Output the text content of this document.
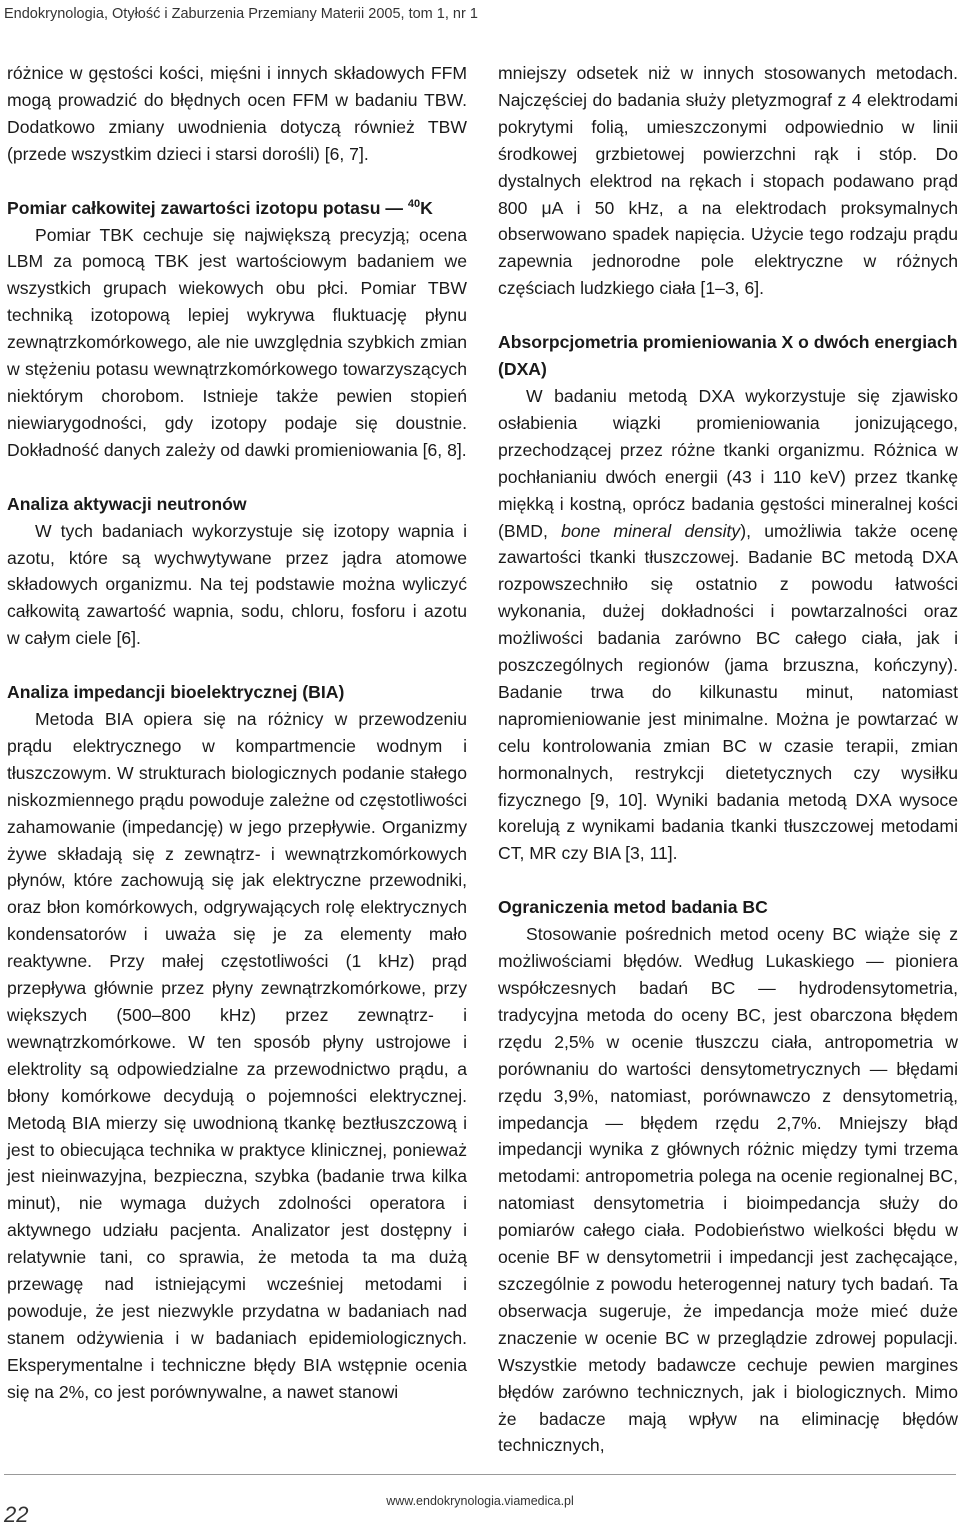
Endokrynologia, Otyłość i Zaburzenia Przemiany Materii 2005, tom 1, nr 1

różnice w gęstości kości, mięśni i innych składowych FFM mogą prowadzić do błędnych ocen FFM w badaniu TBW. Dodatkowo zmiany uwodnienia dotyczą również TBW (przede wszystkim dzieci i starsi dorośli) [6, 7].

Pomiar całkowitej zawartości izotopu potasu — $^{40}$K

Pomiar TBK cechuje się największą precyzją; ocena LBM za pomocą TBK jest wartościowym badaniem we wszystkich grupach wiekowych obu płci. Pomiar TBW techniką izotopową lepiej wykrywa fluktuację płynu zewnątrzkomórkowego, ale nie uwzględnia szybkich zmian w stężeniu potasu wewnątrzkomórkowego towarzyszących niektórym chorobom. Istnieje także pewien stopień niewiarygodności, gdy izotopy podaje się doustnie. Dokładność danych zależy od dawki promieniowania [6, 8].

Analiza aktywacji neutronów

W tych badaniach wykorzystuje się izotopy wapnia i azotu, które są wychwytywane przez jądra atomowe składowych organizmu. Na tej podstawie można wyliczyć całkowitą zawartość wapnia, sodu, chloru, fosforu i azotu w całym ciele [6].

Analiza impedancji bioelektrycznej (BIA)

Metoda BIA opiera się na różnicy w przewodzeniu prądu elektrycznego w kompartmencie wodnym i tłuszczowym. W strukturach biologicznych podanie stałego niskozmiennego prądu powoduje zależne od częstotliwości zahamowanie (impedancję) w jego przepływie. Organizmy żywe składają się z zewnątrz- i wewnątrzkomórkowych płynów, które zachowują się jak elektryczne przewodniki, oraz błon komórkowych, odgrywających rolę elektrycznych kondensatorów i uważa się je za elementy mało reaktywne. Przy małej częstotliwości (1 kHz) prąd przepływa głównie przez płyny zewnątrzkomórkowe, przy większych (500–800 kHz) przez zewnątrz- i wewnątrzkomórkowe. W ten sposób płyny ustrojowe i elektrolity są odpowiedzialne za przewodnictwo prądu, a błony komórkowe decydują o pojemności elektrycznej. Metodą BIA mierzy się uwodnioną tkankę beztłuszczową i jest to obiecująca technika w praktyce klinicznej, ponieważ jest nieinwazyjna, bezpieczna, szybka (badanie trwa kilka minut), nie wymaga dużych zdolności operatora i aktywnego udziału pacjenta. Analizator jest dostępny i relatywnie tani, co sprawia, że metoda ta ma dużą przewagę nad istniejącymi wcześniej metodami i powoduje, że jest niezwykle przydatna w badaniach nad stanem odżywienia i w badaniach epidemiologicznych. Eksperymentalne i techniczne błędy BIA wstępnie ocenia się na 2%, co jest porównywalne, a nawet stanowi

mniejszy odsetek niż w innych stosowanych metodach. Najczęściej do badania służy pletyzmograf z 4 elektrodami pokrytymi folią, umieszczonymi odpowiednio w linii środkowej grzbietowej powierzchni rąk i stóp. Do dystalnych elektrod na rękach i stopach podawano prąd 800 μA i 50 kHz, a na elektrodach proksymalnych obserwowano spadek napięcia. Użycie tego rodzaju prądu zapewnia jednorodne pole elektryczne w różnych częściach ludzkiego ciała [1–3, 6].

Absorpcjometria promieniowania X o dwóch energiach (DXA)

W badaniu metodą DXA wykorzystuje się zjawisko osłabienia wiązki promieniowania jonizującego, przechodzącej przez różne tkanki organizmu. Różnica w pochłanianiu dwóch energii (43 i 110 keV) przez tkankę miękką i kostną, oprócz badania gęstości mineralnej kości (BMD, bone mineral density), umożliwia także ocenę zawartości tkanki tłuszczowej. Badanie BC metodą DXA rozpowszechniło się ostatnio z powodu łatwości wykonania, dużej dokładności i powtarzalności oraz możliwości badania zarówno BC całego ciała, jak i poszczególnych regionów (jama brzuszna, kończyny). Badanie trwa do kilkunastu minut, natomiast napromieniowanie jest minimalne. Można je powtarzać w celu kontrolowania zmian BC w czasie terapii, zmian hormonalnych, restrykcji dietetycznych czy wysiłku fizycznego [9, 10]. Wyniki badania metodą DXA wysoce korelują z wynikami badania tkanki tłuszczowej metodami CT, MR czy BIA [3, 11].

Ograniczenia metod badania BC

Stosowanie pośrednich metod oceny BC wiąże się z możliwościami błędów. Według Lukaskiego — pioniera współczesnych badań BC — hydrodensytometria, tradycyjna metoda do oceny BC, jest obarczona błędem rzędu 2,5% w ocenie tłuszczu ciała, antropometria w porównaniu do wartości densytometrycznych — błędami rzędu 3,9%, natomiast, porównawczo z densytometrią, impedancja — błędem rzędu 2,7%. Mniejszy błąd impedancji wynika z głównych różnic między tymi trzema metodami: antropometria polega na ocenie regionalnej BC, natomiast densytometria i bioimpedancja służy do pomiarów całego ciała. Podobieństwo wielkości błędu w ocenie BF w densytometrii i impedancji jest zachęcające, szczególnie z powodu heterogennej natury tych badań. Ta obserwacja sugeruje, że impedancja może mieć duże znaczenie w ocenie BC w przeglądzie zdrowej populacji. Wszystkie metody badawcze cechuje pewien margines błędów zarówno technicznych, jak i biologicznych. Mimo że badacze mają wpływ na eliminację błędów technicznych,

22
www.endokrynologia.viamedica.pl
